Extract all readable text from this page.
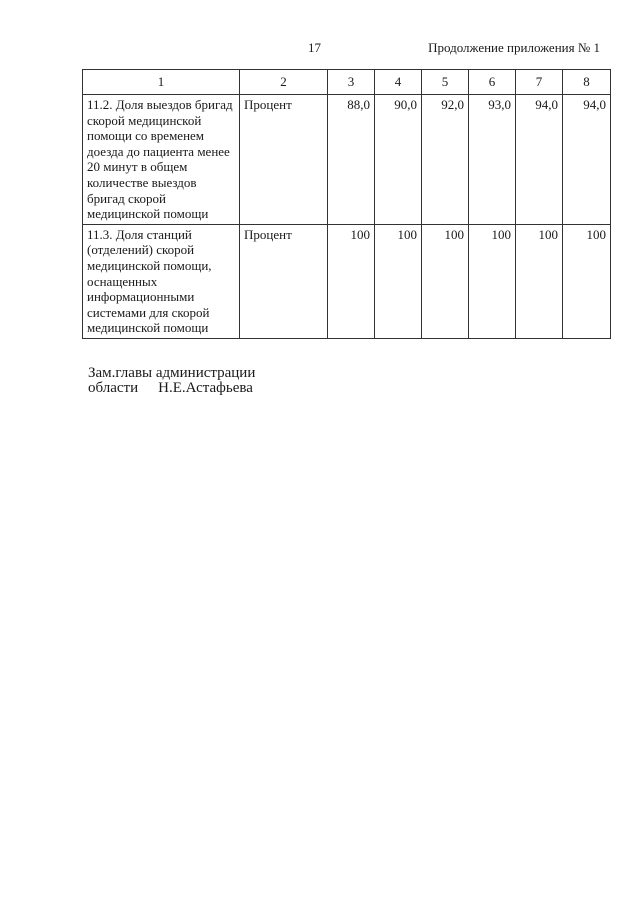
17	Продолжение приложения № 1
1	2	3	4	5	6	7	8
11.2. Доля выездов бригад скорой медицинской помощи со временем доезда до пациента менее 20 минут в общем количестве выездов бригад скорой медицинской помощи	Процент	88,0	90,0	92,0	93,0	94,0	94,0
11.3. Доля станций (отделений) скорой медицинской помощи, оснащенных информационными системами для скорой медицинской помощи	Процент	100	100	100	100	100	100
Зам.главы администрации
области Н.Е.Астафьева
